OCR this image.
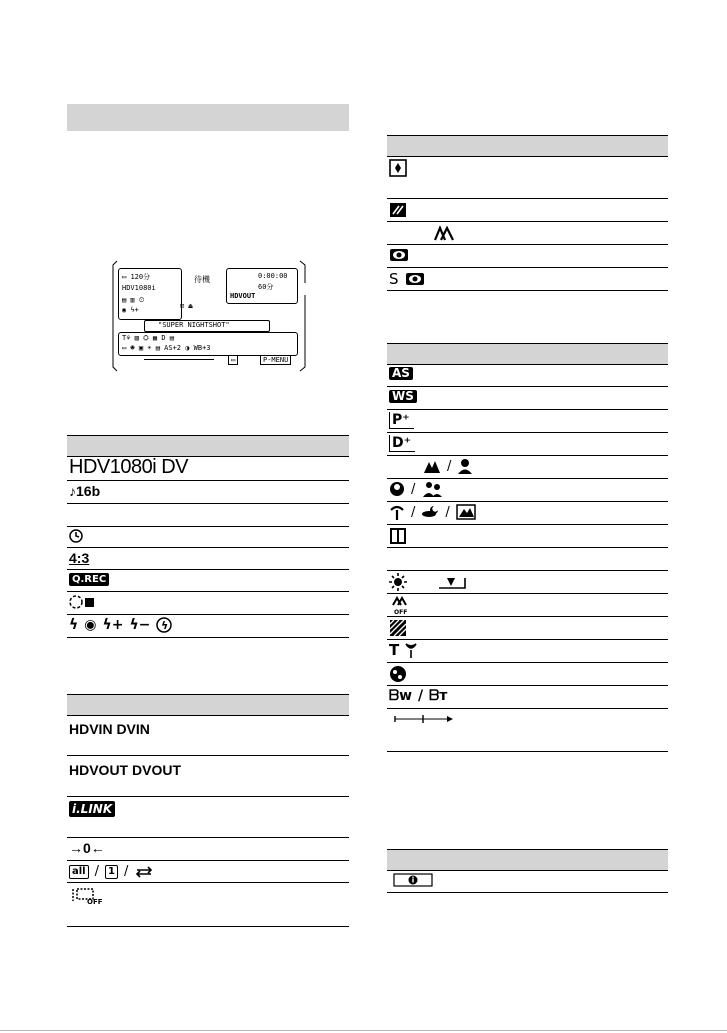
▭ 120分
HDV1080i
▤ ▥ ⏲
◉ ϟ+
待機	0:00:00
60分
HDVOUT
⊡ ⏏
"SUPER NIGHTSHOT"
T⚘ ▧ ⛭ ▦ D ▤
▭ ☻ ▣ ☀ ▤ AS+2 ◑ WB+3
▭	P-MENU
HDV1080i DV
♪16b
4:3
Q.REC
ϟ ◉ ϟ+ ϟ− ϟ
HDVIN DVIN
HDVOUT DVOUT
i.LINK
→0←
all / 1 /
OFF
ᵥ
S
AS
WS
P⁺
D⁺
/
/
/ /
OFF
T
ᗷᴡ / ᗷᴛ
